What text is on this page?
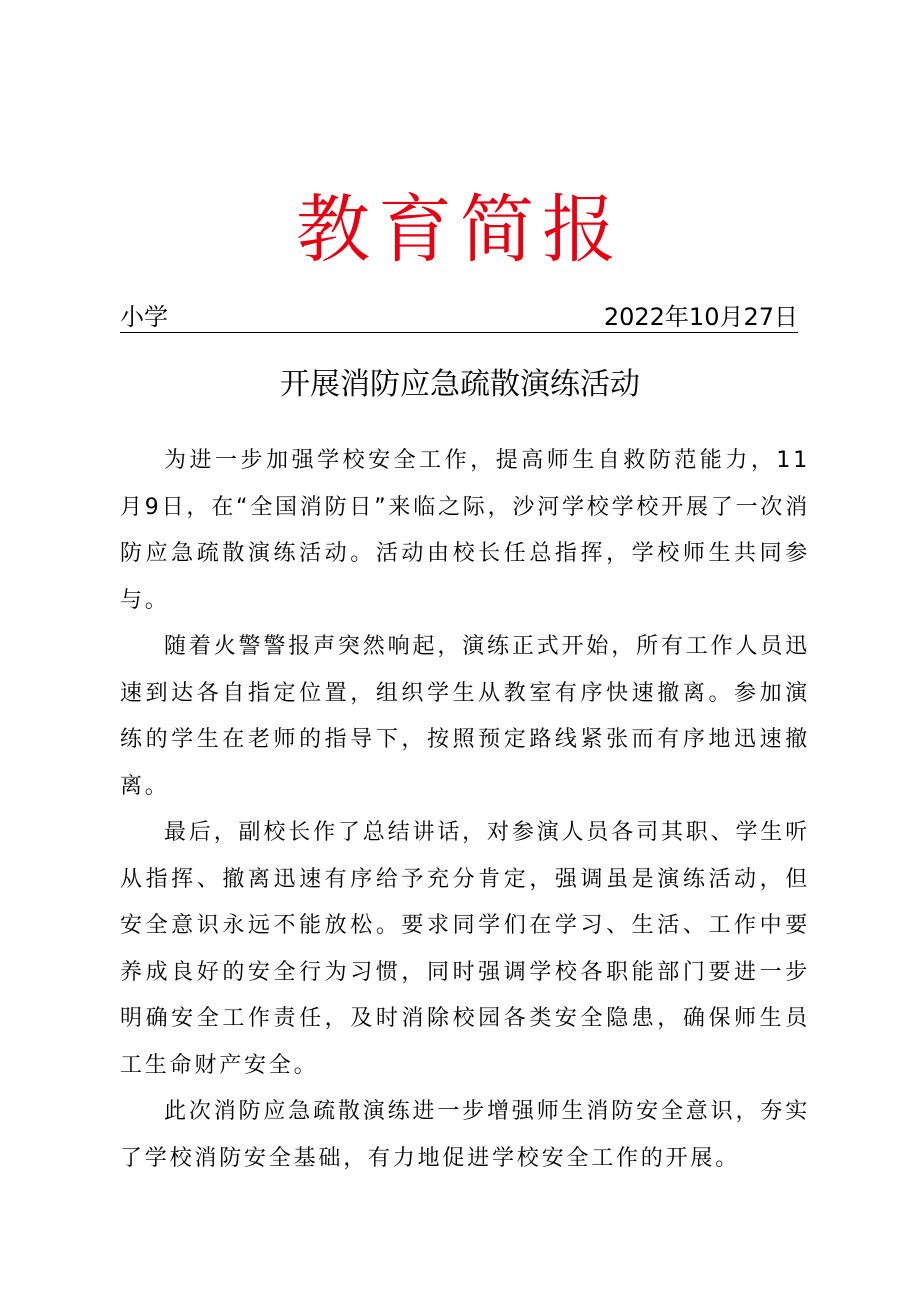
教育简报
小学	2022年10月27日
开展消防应急疏散演练活动

为进一步加强学校安全工作，提高师生自救防范能力，11月9日，在“全国消防日”来临之际，沙河学校学校开展了一次消防应急疏散演练活动。活动由校长任总指挥，学校师生共同参与。

随着火警警报声突然响起，演练正式开始，所有工作人员迅速到达各自指定位置，组织学生从教室有序快速撤离。参加演练的学生在老师的指导下，按照预定路线紧张而有序地迅速撤离。

最后，副校长作了总结讲话，对参演人员各司其职、学生听从指挥、撤离迅速有序给予充分肯定，强调虽是演练活动，但安全意识永远不能放松。要求同学们在学习、生活、工作中要养成良好的安全行为习惯，同时强调学校各职能部门要进一步明确安全工作责任，及时消除校园各类安全隐患，确保师生员工生命财产安全。

此次消防应急疏散演练进一步增强师生消防安全意识，夯实了学校消防安全基础，有力地促进学校安全工作的开展。
